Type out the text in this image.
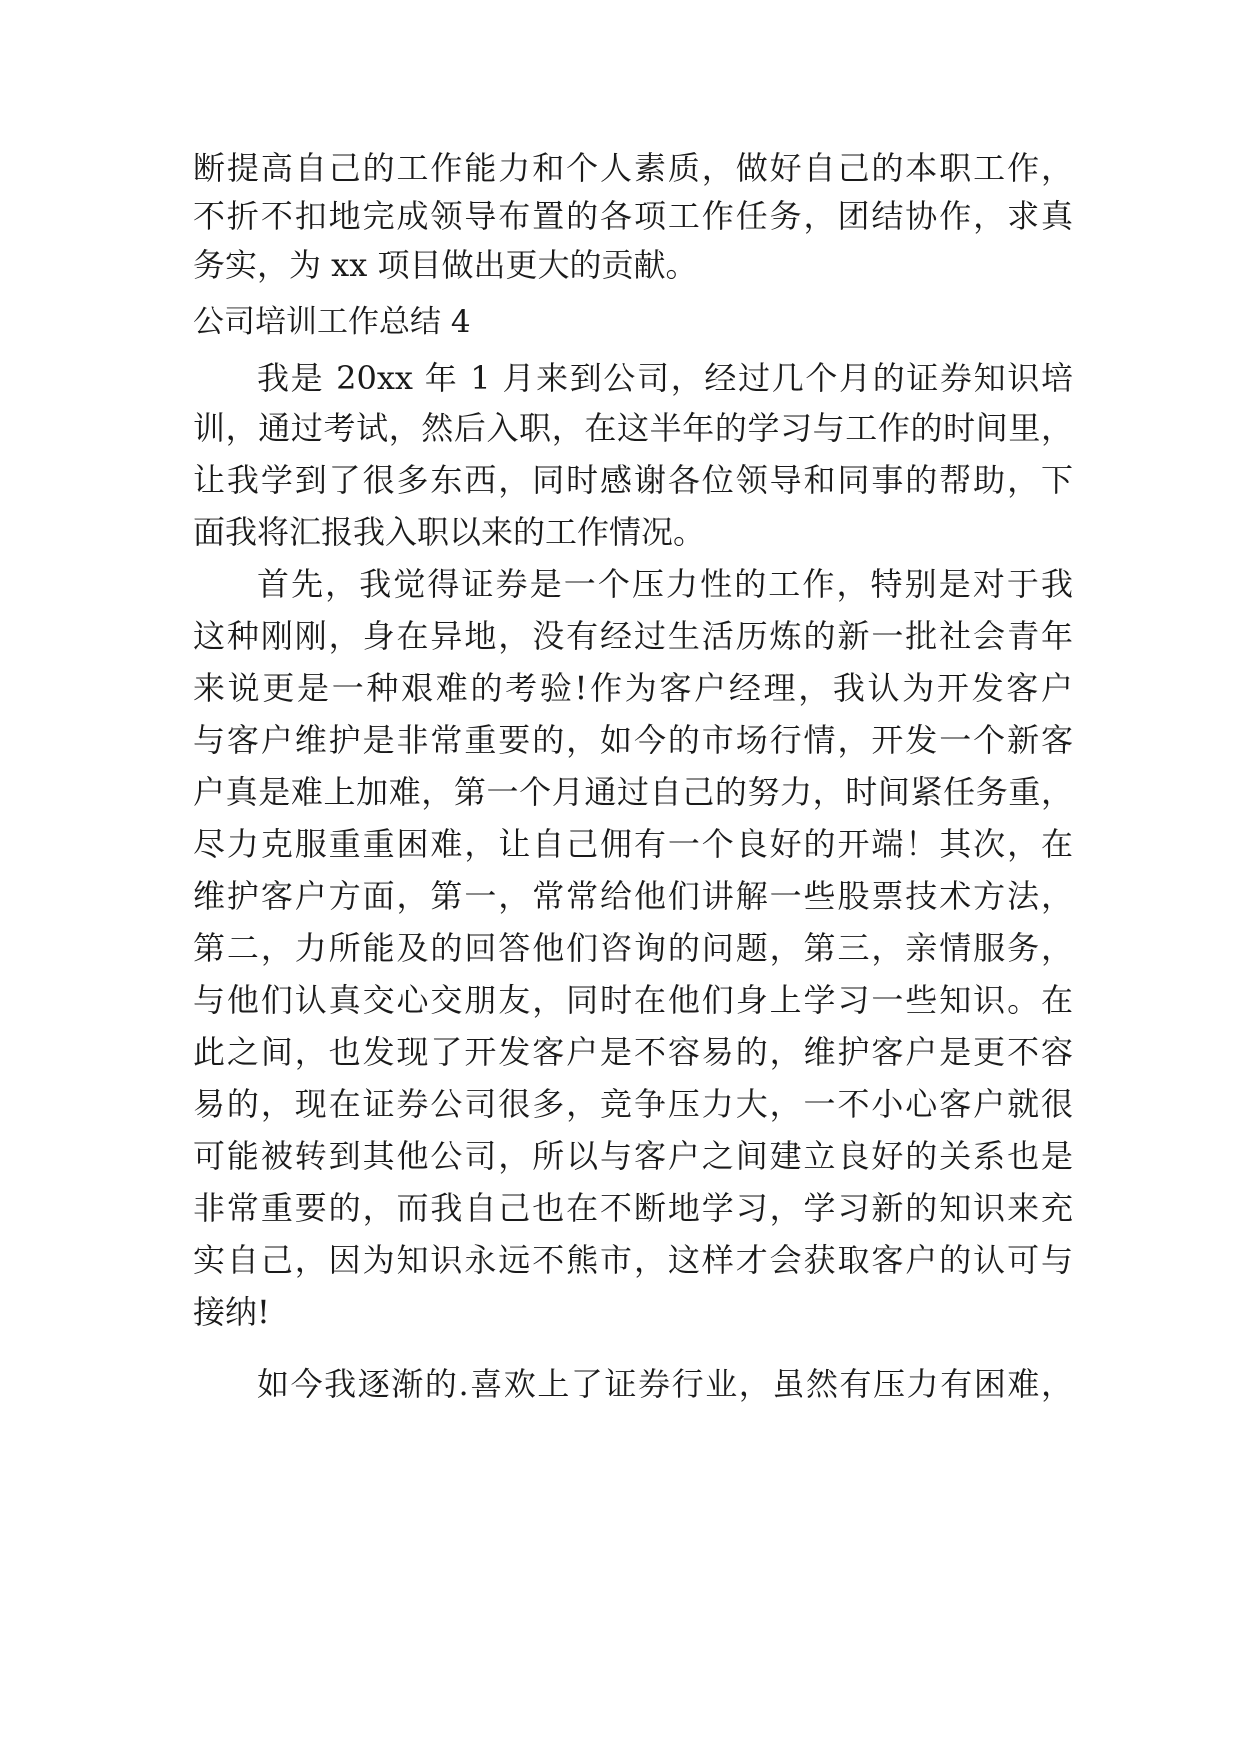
断提高自己的工作能力和个人素质，做好自己的本职工作，
不折不扣地完成领导布置的各项工作任务，团结协作，求真
务实，为 xx 项目做出更大的贡献。
公司培训工作总结 4
我是 20xx 年 1 月来到公司，经过几个月的证券知识培
训，通过考试，然后入职，在这半年的学习与工作的时间里，
让我学到了很多东西，同时感谢各位领导和同事的帮助，下
面我将汇报我入职以来的工作情况。
首先，我觉得证券是一个压力性的工作，特别是对于我
这种刚刚，身在异地，没有经过生活历炼的新一批社会青年
来说更是一种艰难的考验!作为客户经理，我认为开发客户
与客户维护是非常重要的，如今的市场行情，开发一个新客
户真是难上加难，第一个月通过自己的努力，时间紧任务重，
尽力克服重重困难，让自己佣有一个良好的开端！其次，在
维护客户方面，第一，常常给他们讲解一些股票技术方法，
第二，力所能及的回答他们咨询的问题，第三，亲情服务，
与他们认真交心交朋友，同时在他们身上学习一些知识。在
此之间，也发现了开发客户是不容易的，维护客户是更不容
易的，现在证券公司很多，竞争压力大，一不小心客户就很
可能被转到其他公司，所以与客户之间建立良好的关系也是
非常重要的，而我自己也在不断地学习，学习新的知识来充
实自己，因为知识永远不熊市，这样才会获取客户的认可与
接纳!
如今我逐渐的.喜欢上了证券行业，虽然有压力有困难，
